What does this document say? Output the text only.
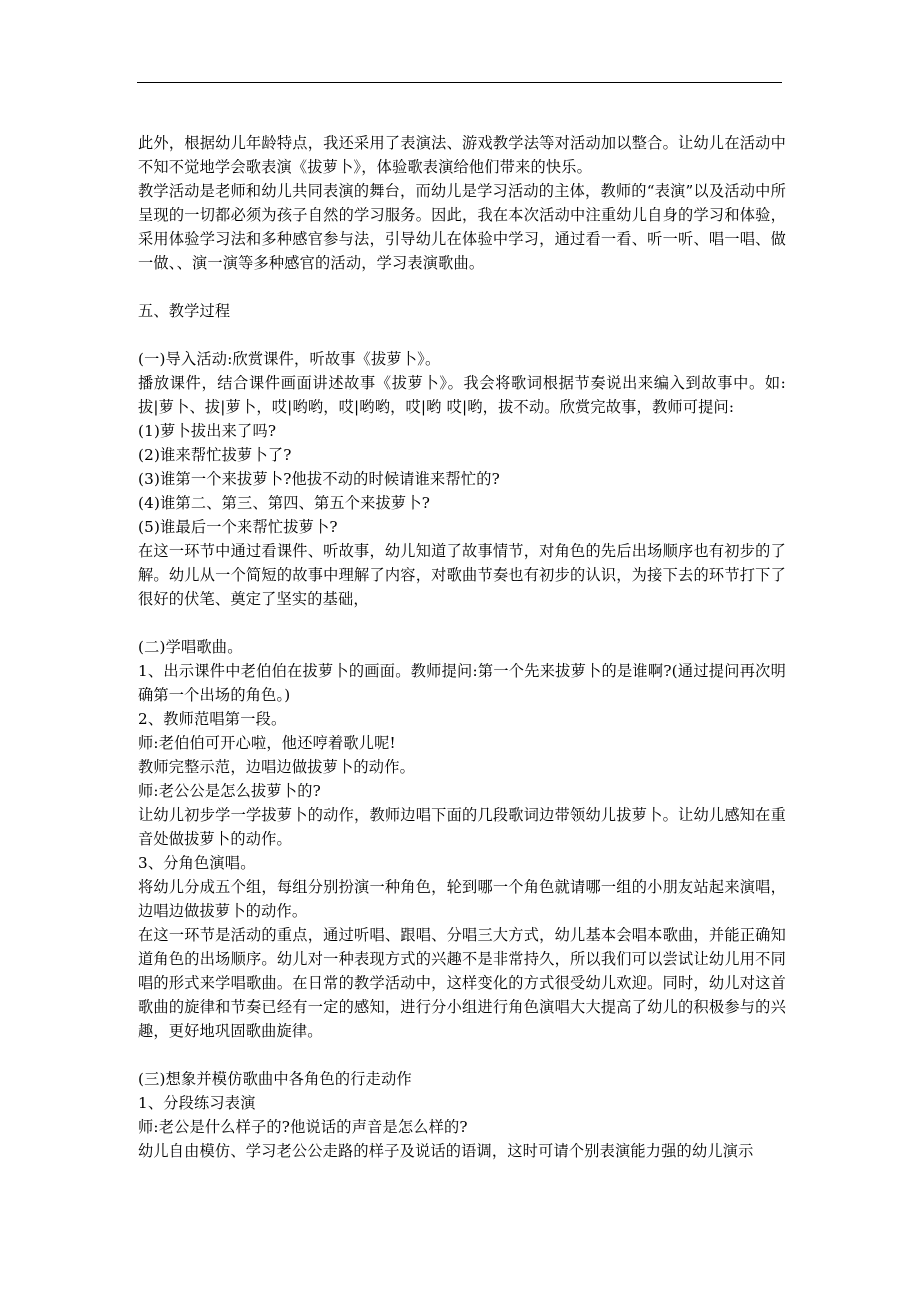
此外，根据幼儿年龄特点，我还采用了表演法、游戏教学法等对活动加以整合。让幼儿在活动中不知不觉地学会歌表演《拔萝卜》，体验歌表演给他们带来的快乐。

教学活动是老师和幼儿共同表演的舞台，而幼儿是学习活动的主体，教师的“表演”以及活动中所呈现的一切都必须为孩子自然的学习服务。因此，我在本次活动中注重幼儿自身的学习和体验，采用体验学习法和多种感官参与法，引导幼儿在体验中学习，通过看一看、听一听、唱一唱、做一做、、演一演等多种感官的活动，学习表演歌曲。

五、教学过程

(一)导入活动:欣赏课件，听故事《拔萝卜》。

播放课件，结合课件画面讲述故事《拔萝卜》。我会将歌词根据节奏说出来编入到故事中。如:拔|萝卜、拔|萝卜，哎|哟哟，哎|哟哟，哎|哟 哎|哟，拔不动。欣赏完故事，教师可提问:

(1)萝卜拔出来了吗?

(2)谁来帮忙拔萝卜了?

(3)谁第一个来拔萝卜?他拔不动的时候请谁来帮忙的?

(4)谁第二、第三、第四、第五个来拔萝卜?

(5)谁最后一个来帮忙拔萝卜?

在这一环节中通过看课件、听故事，幼儿知道了故事情节，对角色的先后出场顺序也有初步的了解。幼儿从一个简短的故事中理解了内容，对歌曲节奏也有初步的认识，为接下去的环节打下了很好的伏笔、奠定了坚实的基础，

(二)学唱歌曲。

1、出示课件中老伯伯在拔萝卜的画面。教师提问:第一个先来拔萝卜的是谁啊?(通过提问再次明确第一个出场的角色。)

2、教师范唱第一段。

师:老伯伯可开心啦，他还哼着歌儿呢!

教师完整示范，边唱边做拔萝卜的动作。

师:老公公是怎么拔萝卜的?

让幼儿初步学一学拔萝卜的动作，教师边唱下面的几段歌词边带领幼儿拔萝卜。让幼儿感知在重音处做拔萝卜的动作。

3、分角色演唱。

将幼儿分成五个组，每组分别扮演一种角色，轮到哪一个角色就请哪一组的小朋友站起来演唱，边唱边做拔萝卜的动作。

在这一环节是活动的重点，通过听唱、跟唱、分唱三大方式，幼儿基本会唱本歌曲，并能正确知道角色的出场顺序。幼儿对一种表现方式的兴趣不是非常持久，所以我们可以尝试让幼儿用不同唱的形式来学唱歌曲。在日常的教学活动中，这样变化的方式很受幼儿欢迎。同时，幼儿对这首歌曲的旋律和节奏已经有一定的感知，进行分小组进行角色演唱大大提高了幼儿的积极参与的兴趣，更好地巩固歌曲旋律。

(三)想象并模仿歌曲中各角色的行走动作

1、分段练习表演

师:老公是什么样子的?他说话的声音是怎么样的?

幼儿自由模仿、学习老公公走路的样子及说话的语调，这时可请个别表演能力强的幼儿演示
